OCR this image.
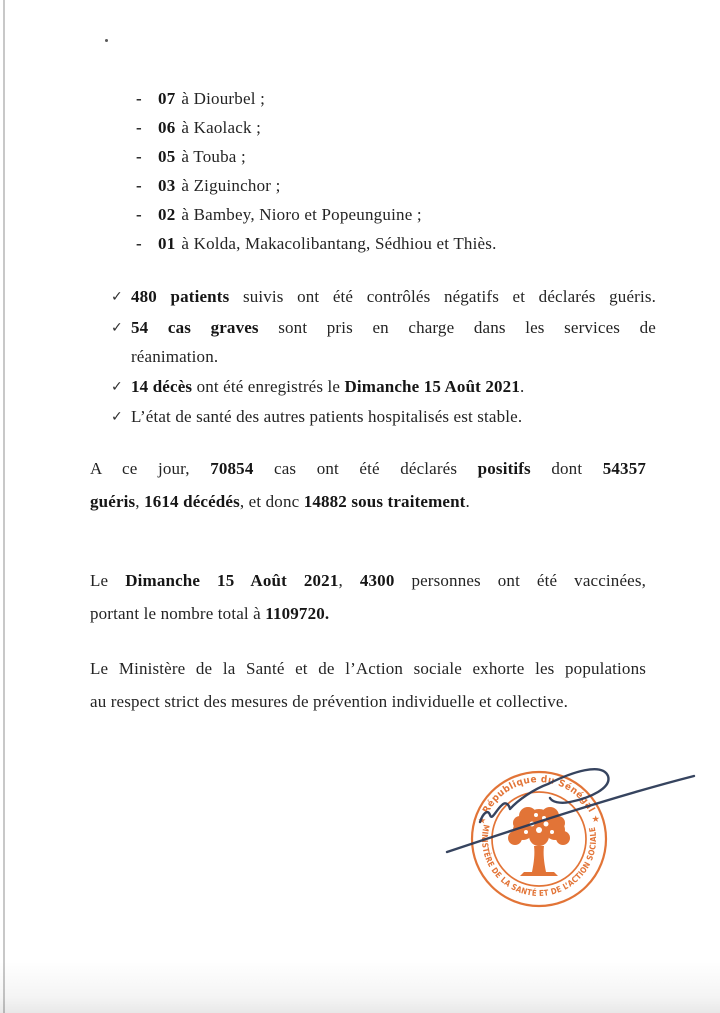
- 07 à Diourbel ;
- 06 à Kaolack ;
- 05 à Touba ;
- 03 à Ziguinchor ;
- 02 à Bambey, Nioro et Popeunguine ;
- 01 à Kolda, Makacolibantang, Sédhiou et Thiès.
✓ 480 patients suivis ont été contrôlés négatifs et déclarés guéris.
✓ 54 cas graves sont pris en charge dans les services de
réanimation.
✓ 14 décès ont été enregistrés le Dimanche 15 Août 2021.
✓ L’état de santé des autres patients hospitalisés est stable.
A ce jour, 70854 cas ont été déclarés positifs dont 54357
guéris, 1614 décédés, et donc 14882 sous traitement.
Le Dimanche 15 Août 2021, 4300 personnes ont été vaccinées,
portant le nombre total à 1109720.
Le Ministère de la Santé et de l’Action sociale exhorte les populations
au respect strict des mesures de prévention individuelle et collective.
★ République du Sénégal ★
MINISTÈRE DE LA SANTÉ ET DE L’ACTION SOCIALE
